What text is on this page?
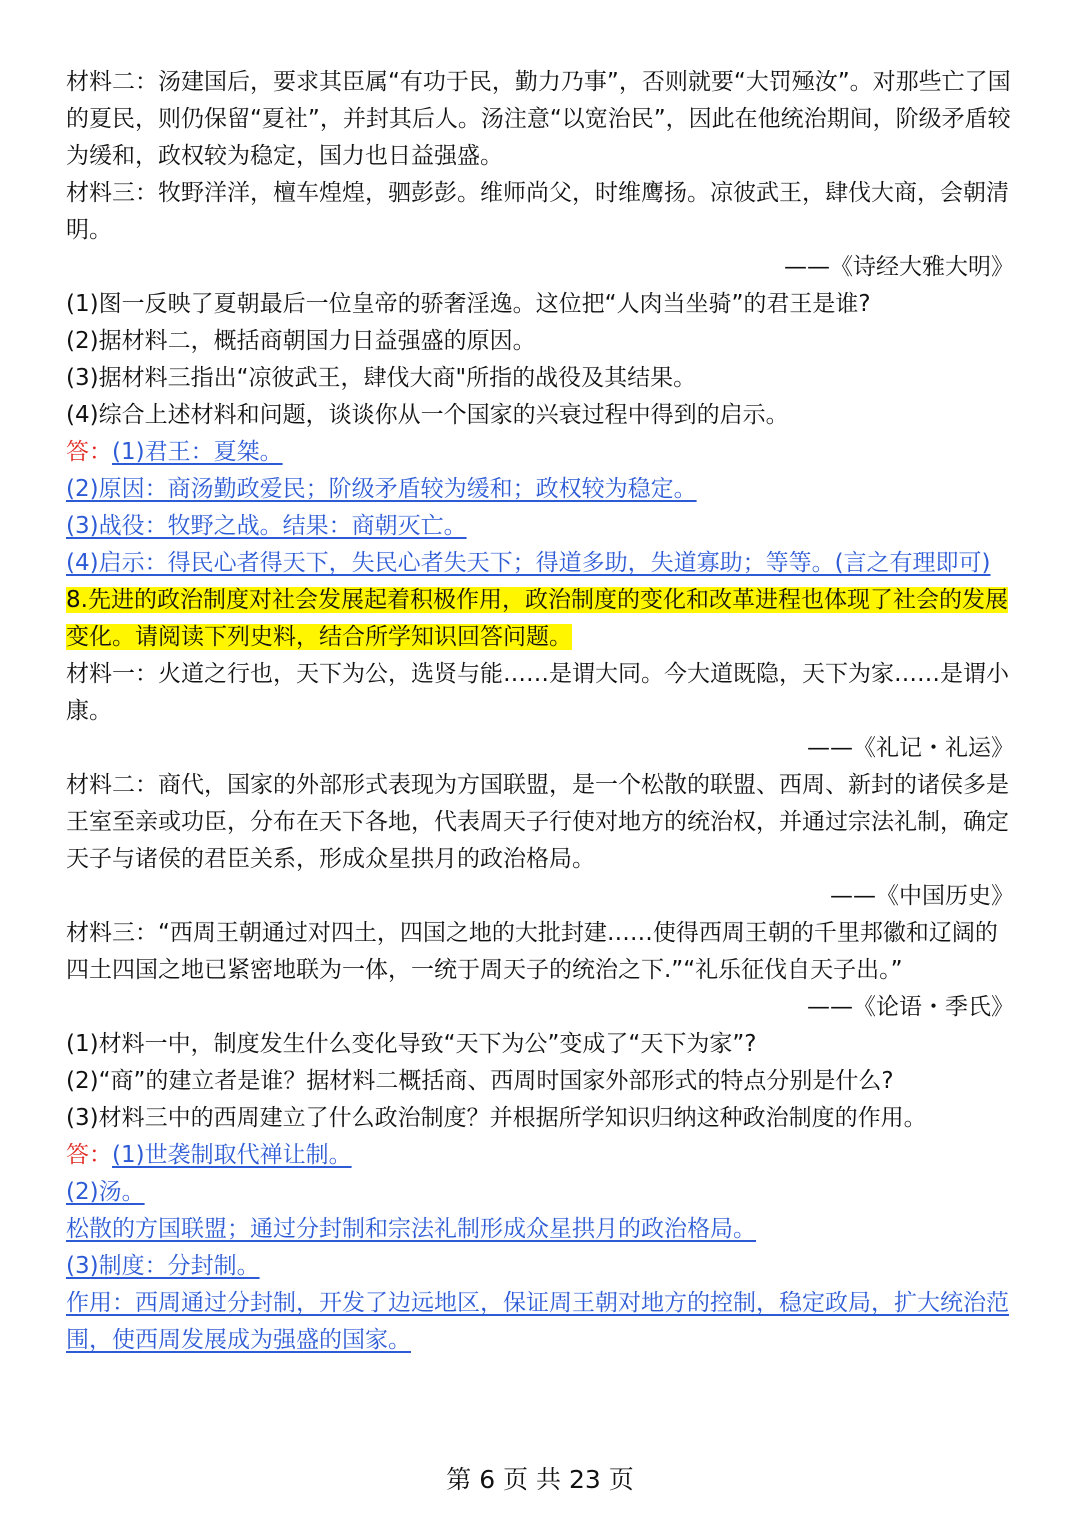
材料二：汤建国后，要求其臣属“有功于民，勤力乃事”，否则就要“大罚殛汝”。对那些亡了国的夏民，则仍保留“夏社”，并封其后人。汤注意“以宽治民”，因此在他统治期间，阶级矛盾较为缓和，政权较为稳定，国力也日益强盛。

材料三：牧野洋洋，檀车煌煌，驷彭彭。维师尚父，时维鹰扬。凉彼武王，肆伐大商，会朝清明。

——《诗经大雅大明》

(1)图一反映了夏朝最后一位皇帝的骄奢淫逸。这位把“人肉当坐骑”的君王是谁?

(2)据材料二，概括商朝国力日益强盛的原因。

(3)据材料三指出“凉彼武王，肆伐大商"所指的战役及其结果。

(4)综合上述材料和问题，谈谈你从一个国家的兴衰过程中得到的启示。

答：(1)君王：夏桀。

(2)原因：商汤勤政爱民；阶级矛盾较为缓和；政权较为稳定。

(3)战役：牧野之战。结果：商朝灭亡。

(4)启示：得民心者得天下，失民心者失天下；得道多助，失道寡助；等等。(言之有理即可)

8.先进的政治制度对社会发展起着积极作用，政治制度的变化和改革进程也体现了社会的发展变化。请阅读下列史料，结合所学知识回答问题。

材料一：火道之行也，天下为公，选贤与能……是谓大同。今大道既隐，天下为家……是谓小康。

——《礼记・礼运》

材料二：商代，国家的外部形式表现为方国联盟，是一个松散的联盟、西周、新封的诸侯多是王室至亲或功臣，分布在天下各地，代表周天子行使对地方的统治权，并通过宗法礼制，确定天子与诸侯的君臣关系，形成众星拱月的政治格局。

——《中国历史》

材料三：“西周王朝通过对四土，四国之地的大批封建……使得西周王朝的千里邦徽和辽阔的四土四国之地已紧密地联为一体，一统于周天子的统治之下.”“礼乐征伐自天子出。”

——《论语・季氏》

(1)材料一中，制度发生什么变化导致“天下为公”变成了“天下为家”?

(2)“商”的建立者是谁？据材料二概括商、西周时国家外部形式的特点分别是什么?

(3)材料三中的西周建立了什么政治制度？并根据所学知识归纳这种政治制度的作用。

答：(1)世袭制取代禅让制。

(2)汤。

松散的方国联盟；通过分封制和宗法礼制形成众星拱月的政治格局。

(3)制度：分封制。

作用：西周通过分封制，开发了边远地区，保证周王朝对地方的控制，稳定政局，扩大统治范围，使西周发展成为强盛的国家。

第 6 页 共 23 页
